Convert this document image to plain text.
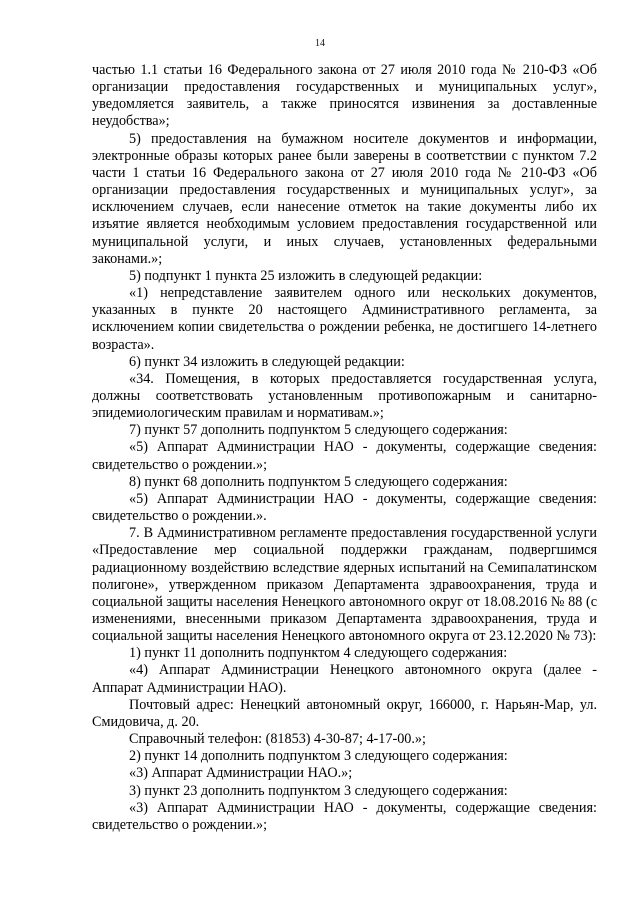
14

частью 1.1 статьи 16 Федерального закона от 27 июля 2010 года № 210-ФЗ «Об организации предоставления государственных и муниципальных услуг», уведомляется заявитель, а также приносятся извинения за доставленные неудобства»;

5) предоставления на бумажном носителе документов и информации, электронные образы которых ранее были заверены в соответствии с пунктом 7.2 части 1 статьи 16 Федерального закона от 27 июля 2010 года № 210-ФЗ «Об организации предоставления государственных и муниципальных услуг», за исключением случаев, если нанесение отметок на такие документы либо их изъятие является необходимым условием предоставления государственной или муниципальной услуги, и иных случаев, установленных федеральными законами.»;

5) подпункт 1 пункта 25 изложить в следующей редакции:

«1) непредставление заявителем одного или нескольких документов, указанных в пункте 20 настоящего Административного регламента, за исключением копии свидетельства о рождении ребенка, не достигшего 14-летнего возраста».

6) пункт 34 изложить в следующей редакции:

«34. Помещения, в которых предоставляется государственная услуга, должны соответствовать установленным противопожарным и санитарно-эпидемиологическим правилам и нормативам.»;

7) пункт 57 дополнить подпунктом 5 следующего содержания:

«5) Аппарат Администрации НАО - документы, содержащие сведения: свидетельство о рождении.»;

8) пункт 68 дополнить подпунктом 5 следующего содержания:

«5) Аппарат Администрации НАО - документы, содержащие сведения: свидетельство о рождении.».

7. В Административном регламенте предоставления государственной услуги «Предоставление мер социальной поддержки гражданам, подвергшимся радиационному воздействию вследствие ядерных испытаний на Семипалатинском полигоне», утвержденном приказом Департамента здравоохранения, труда и социальной защиты населения Ненецкого автономного округ от 18.08.2016 № 88 (с изменениями, внесенными приказом Департамента здравоохранения, труда и социальной защиты населения Ненецкого автономного округа от 23.12.2020 № 73):

1) пункт 11 дополнить подпунктом 4 следующего содержания:

«4) Аппарат Администрации Ненецкого автономного округа (далее - Аппарат Администрации НАО).

Почтовый адрес: Ненецкий автономный округ, 166000, г. Нарьян-Мар, ул. Смидовича, д. 20.

Справочный телефон: (81853) 4-30-87; 4-17-00.»;

2) пункт 14 дополнить подпунктом 3 следующего содержания:

«3) Аппарат Администрации НАО.»;

3) пункт 23 дополнить подпунктом 3 следующего содержания:

«3) Аппарат Администрации НАО - документы, содержащие сведения: свидетельство о рождении.»;
